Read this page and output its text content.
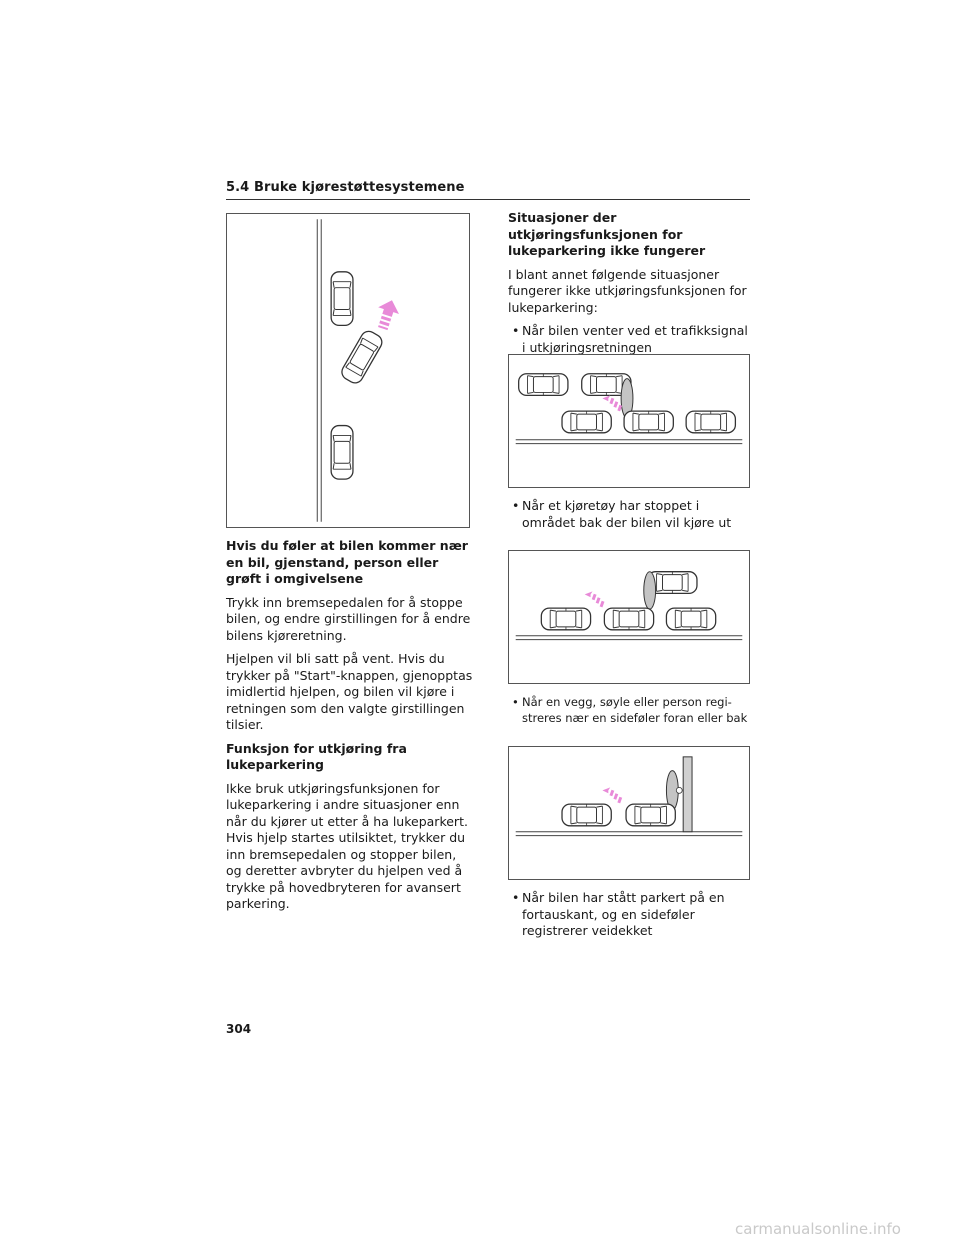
5.4 Bruke kjørestøttesystemene

Hvis du føler at bilen kommer nær en bil, gjenstand, person eller grøft i omgivelsene

Trykk inn bremsepedalen for å stoppe bilen, og endre girstillingen for å endre bilens kjøreretning.

Hjelpen vil bli satt på vent. Hvis du trykker på "Start"-knappen, gjenopptas imidlertid hjelpen, og bilen vil kjøre i retningen som den valgte girstillingen tilsier.

Funksjon for utkjøring fra lukeparkering

Ikke bruk utkjøringsfunksjonen for lukeparkering i andre situasjoner enn når du kjører ut etter å ha lukeparkert. Hvis hjelp startes utilsiktet, trykker du inn bremsepedalen og stopper bilen, og deretter avbryter du hjelpen ved å trykke på hovedbryteren for avansert parkering.

Situasjoner der utkjøringsfunksjonen for lukeparkering ikke fungerer

I blant annet følgende situasjoner fungerer ikke utkjøringsfunksjonen for lukeparkering:

• Når bilen venter ved et trafikksignal i utkjøringsretningen

• Når et kjøretøy har stoppet i området bak der bilen vil kjøre ut

• Når en vegg, søyle eller person regi- streres nær en sideføler foran eller bak

• Når bilen har stått parkert på en fortauskant, og en sideføler registrerer veidekket

304
carmanualsonline.info
